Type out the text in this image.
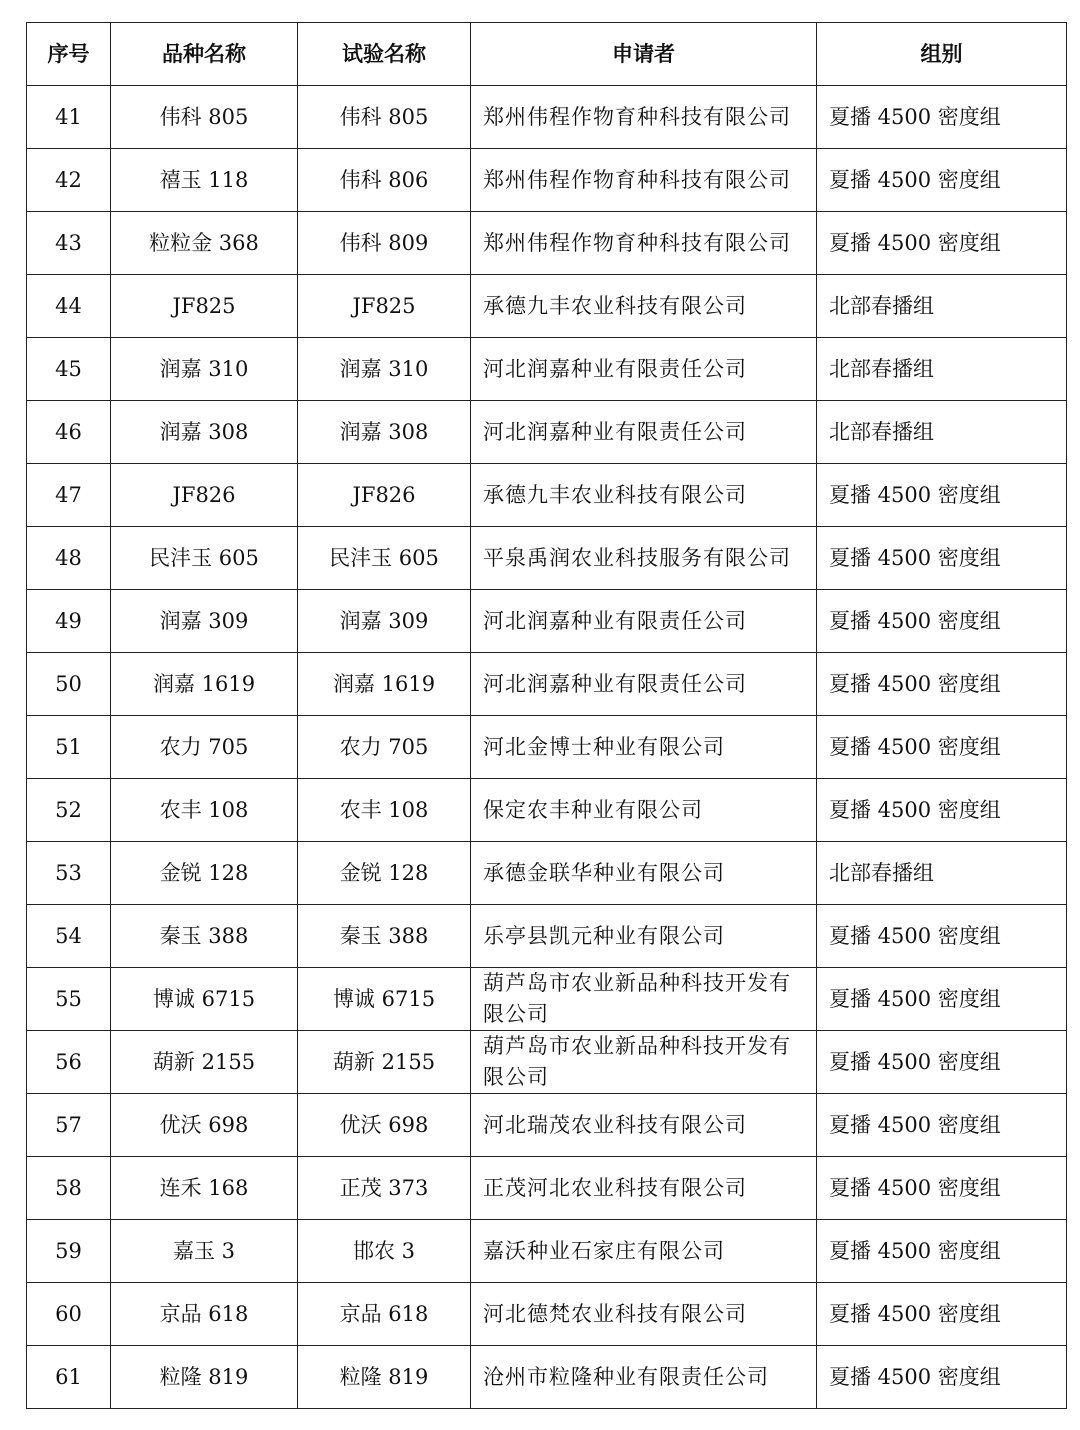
序号	品种名称	试验名称	申请者	组别
41	伟科 805	伟科 805	郑州伟程作物育种科技有限公司	夏播 4500 密度组
42	禧玉 118	伟科 806	郑州伟程作物育种科技有限公司	夏播 4500 密度组
43	粒粒金 368	伟科 809	郑州伟程作物育种科技有限公司	夏播 4500 密度组
44	JF825	JF825	承德九丰农业科技有限公司	北部春播组
45	润嘉 310	润嘉 310	河北润嘉种业有限责任公司	北部春播组
46	润嘉 308	润嘉 308	河北润嘉种业有限责任公司	北部春播组
47	JF826	JF826	承德九丰农业科技有限公司	夏播 4500 密度组
48	民沣玉 605	民沣玉 605	平泉禹润农业科技服务有限公司	夏播 4500 密度组
49	润嘉 309	润嘉 309	河北润嘉种业有限责任公司	夏播 4500 密度组
50	润嘉 1619	润嘉 1619	河北润嘉种业有限责任公司	夏播 4500 密度组
51	农力 705	农力 705	河北金博士种业有限公司	夏播 4500 密度组
52	农丰 108	农丰 108	保定农丰种业有限公司	夏播 4500 密度组
53	金锐 128	金锐 128	承德金联华种业有限公司	北部春播组
54	秦玉 388	秦玉 388	乐亭县凯元种业有限公司	夏播 4500 密度组
55	博诚 6715	博诚 6715	葫芦岛市农业新品种科技开发有限公司	夏播 4500 密度组
56	葫新 2155	葫新 2155	葫芦岛市农业新品种科技开发有限公司	夏播 4500 密度组
57	优沃 698	优沃 698	河北瑞茂农业科技有限公司	夏播 4500 密度组
58	连禾 168	正茂 373	正茂河北农业科技有限公司	夏播 4500 密度组
59	嘉玉 3	邯农 3	嘉沃种业石家庄有限公司	夏播 4500 密度组
60	京品 618	京品 618	河北德梵农业科技有限公司	夏播 4500 密度组
61	粒隆 819	粒隆 819	沧州市粒隆种业有限责任公司	夏播 4500 密度组
